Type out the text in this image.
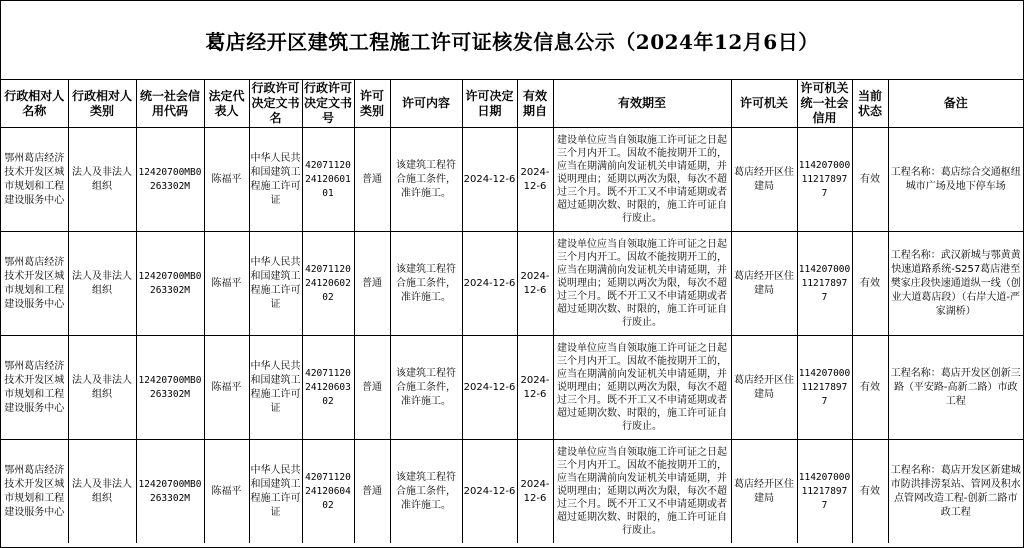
葛店经开区建筑工程施工许可证核发信息公示（2024年12月6日）
行政相对人名称	行政相对人类别	统一社会信用代码	法定代表人	行政许可决定文书名	行政许可决定文书号	许可类别	许可内容	许可决定日期	有效期自	有效期至	许可机关	许可机关统一社会信用	当前状态	备注
鄂州葛店经济技术开发区城市规划和工程建设服务中心	法人及非法人组织	12420700MB0263302M	陈福平	中华人民共和国建筑工程施工许可证	420711202412060101	普通	该建筑工程符合施工条件，准许施工。	2024-12-6	2024-12-6	建设单位应当自领取施工许可证之日起三个月内开工。因故不能按期开工的，应当在期满前向发证机关申请延期，并说明理由；延期以两次为限，每次不超过三个月。既不开工又不申请延期或者超过延期次数、时限的，施工许可证自行废止。	葛店经开区住建局	11420700011217897 7	有效	工程名称：葛店综合交通枢纽城市广场及地下停车场
鄂州葛店经济技术开发区城市规划和工程建设服务中心	法人及非法人组织	12420700MB0263302M	陈福平	中华人民共和国建筑工程施工许可证	420711202412060202	普通	该建筑工程符合施工条件，准许施工。	2024-12-6	2024-12-6	建设单位应当自领取施工许可证之日起三个月内开工。因故不能按期开工的，应当在期满前向发证机关申请延期，并说明理由；延期以两次为限，每次不超过三个月。既不开工又不申请延期或者超过延期次数、时限的，施工许可证自行废止。	葛店经开区住建局	11420700011217897 7	有效	工程名称：武汉新城与鄂黄黄快速道路系统-S257葛店港至樊家庄段快速通道纵一线（创业大道葛店段）（右岸大道-严家湖桥）
鄂州葛店经济技术开发区城市规划和工程建设服务中心	法人及非法人组织	12420700MB0263302M	陈福平	中华人民共和国建筑工程施工许可证	420711202412060302	普通	该建筑工程符合施工条件，准许施工。	2024-12-6	2024-12-6	建设单位应当自领取施工许可证之日起三个月内开工。因故不能按期开工的，应当在期满前向发证机关申请延期，并说明理由；延期以两次为限，每次不超过三个月。既不开工又不申请延期或者超过延期次数、时限的，施工许可证自行废止。	葛店经开区住建局	11420700011217897 7	有效	工程名称：葛店开发区创新三路（平安路-高新二路）市政工程
鄂州葛店经济技术开发区城市规划和工程建设服务中心	法人及非法人组织	12420700MB0263302M	陈福平	中华人民共和国建筑工程施工许可证	420711202412060402	普通	该建筑工程符合施工条件，准许施工。	2024-12-6	2024-12-6	建设单位应当自领取施工许可证之日起三个月内开工。因故不能按期开工的，应当在期满前向发证机关申请延期，并说明理由；延期以两次为限，每次不超过三个月。既不开工又不申请延期或者超过延期次数、时限的，施工许可证自行废止。	葛店经开区住建局	11420700011217897 7	有效	工程名称：葛店开发区新建城市防洪排涝泵站、管网及积水点管网改造工程-创新二路市政工程
